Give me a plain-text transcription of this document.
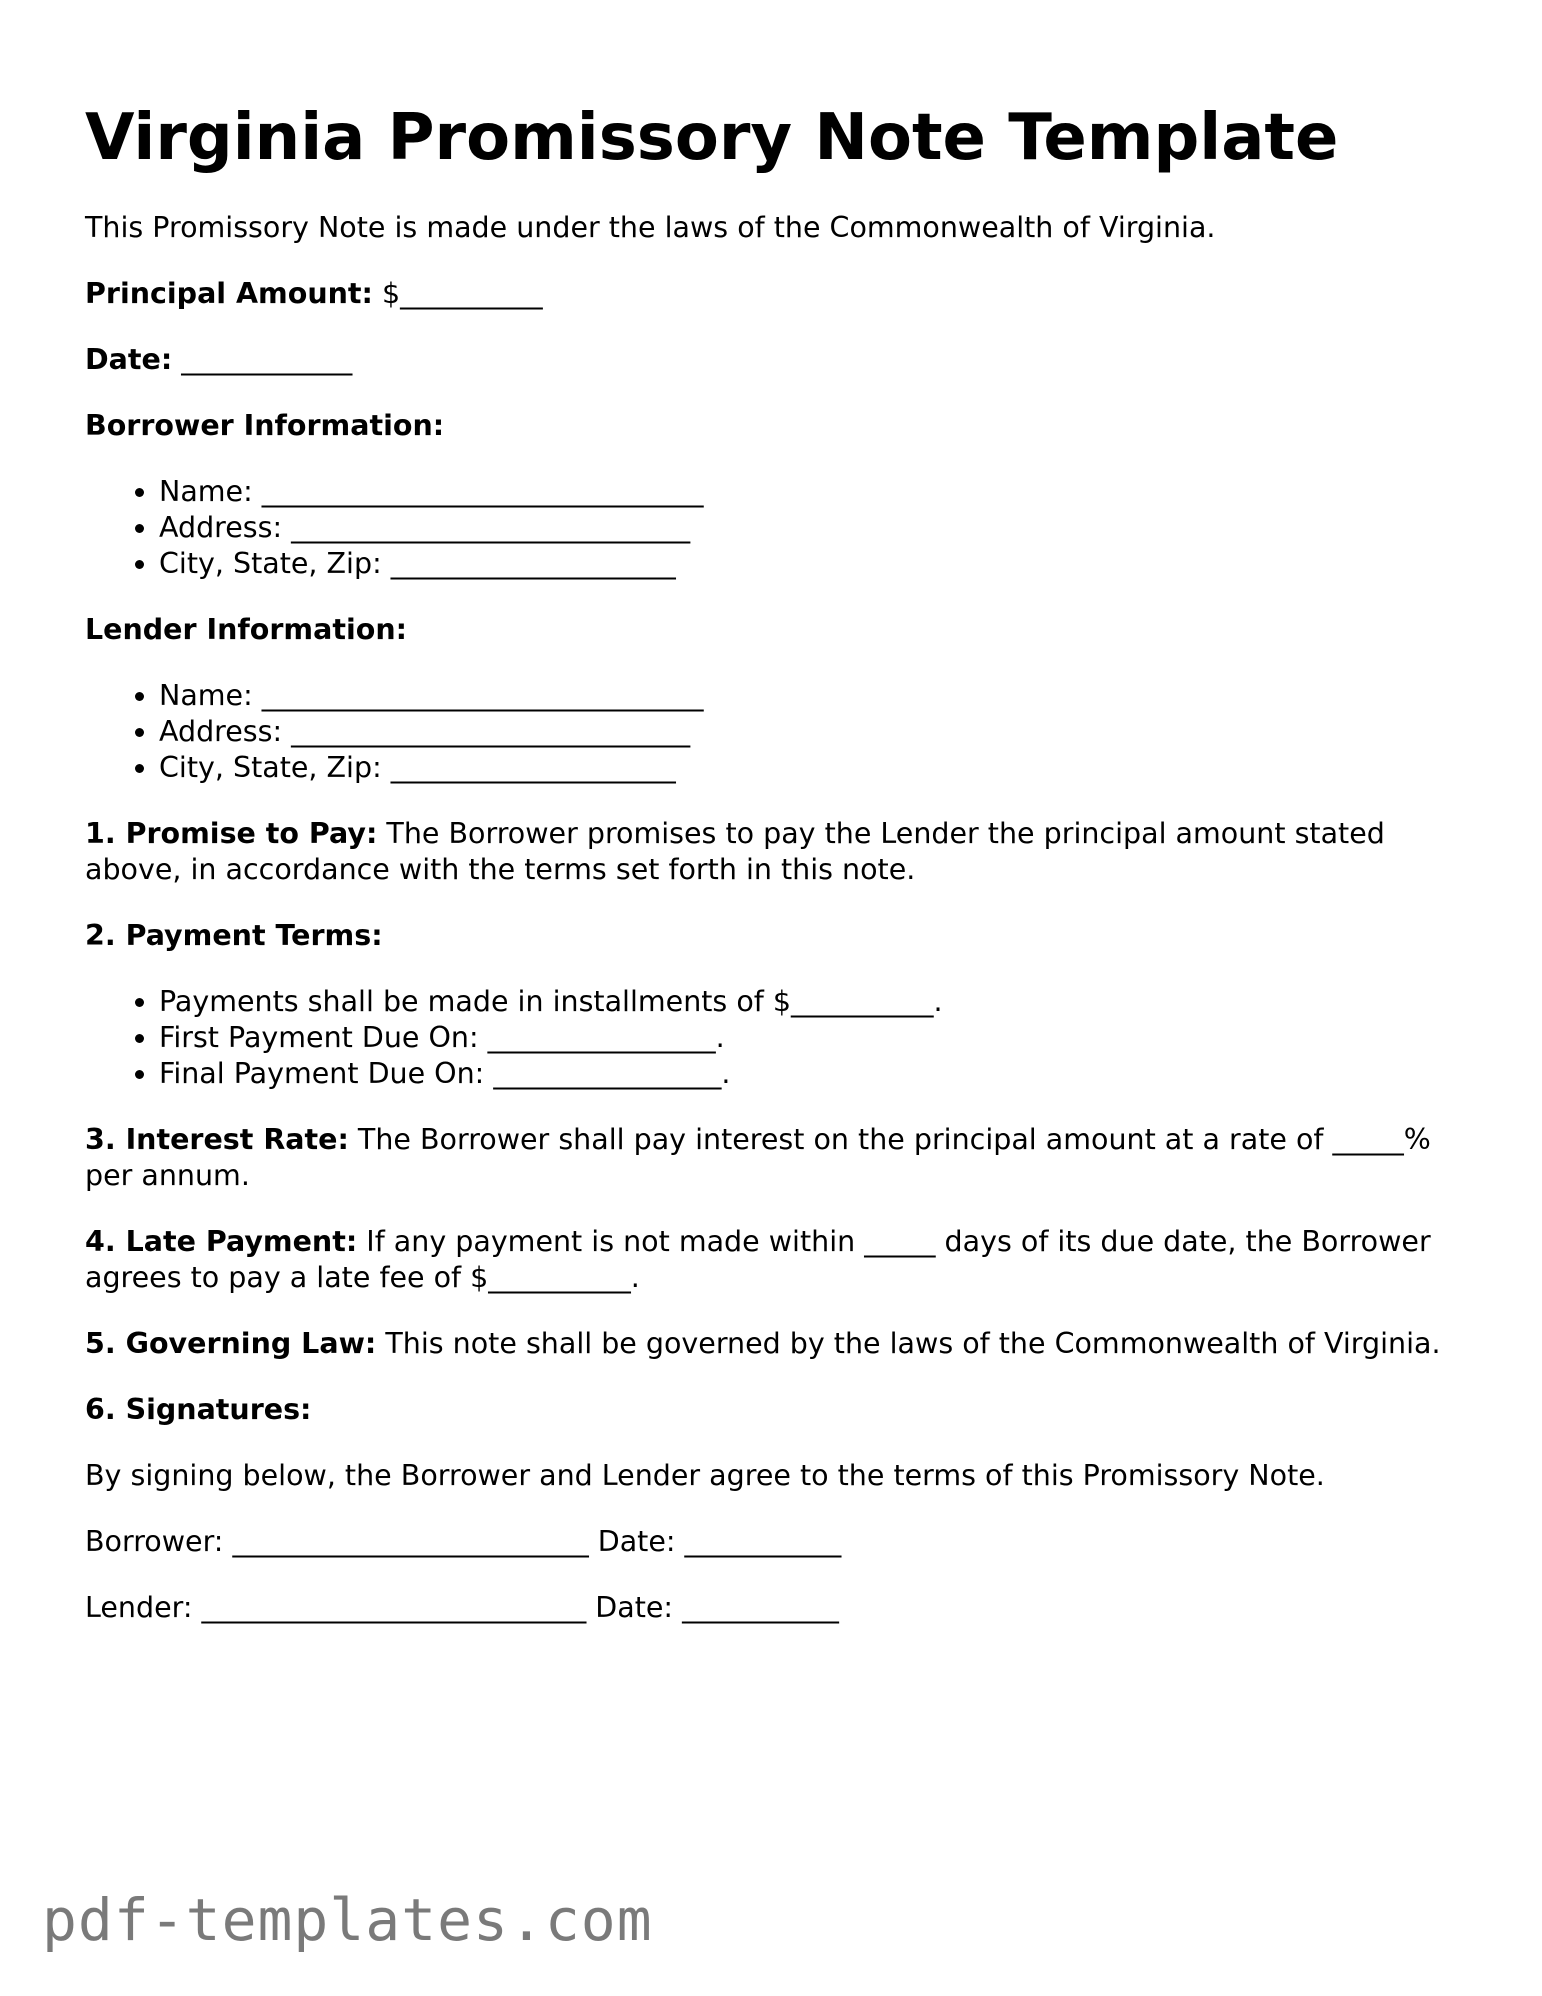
Virginia Promissory Note Template

This Promissory Note is made under the laws of the Commonwealth of Virginia.

Principal Amount: $__________

Date: ____________

Borrower Information:

• Name: _______________________________
• Address: ____________________________
• City, State, Zip: ____________________

Lender Information:

• Name: _______________________________
• Address: ____________________________
• City, State, Zip: ____________________

1. Promise to Pay: The Borrower promises to pay the Lender the principal amount stated above, in accordance with the terms set forth in this note.

2. Payment Terms:

• Payments shall be made in installments of $__________.
• First Payment Due On: ________________.
• Final Payment Due On: ________________.

3. Interest Rate: The Borrower shall pay interest on the principal amount at a rate of _____% per annum.

4. Late Payment: If any payment is not made within _____ days of its due date, the Borrower agrees to pay a late fee of $__________.

5. Governing Law: This note shall be governed by the laws of the Commonwealth of Virginia.

6. Signatures:

By signing below, the Borrower and Lender agree to the terms of this Promissory Note.

Borrower: _________________________ Date: ___________

Lender: ___________________________ Date: ___________

pdf-templates.com
